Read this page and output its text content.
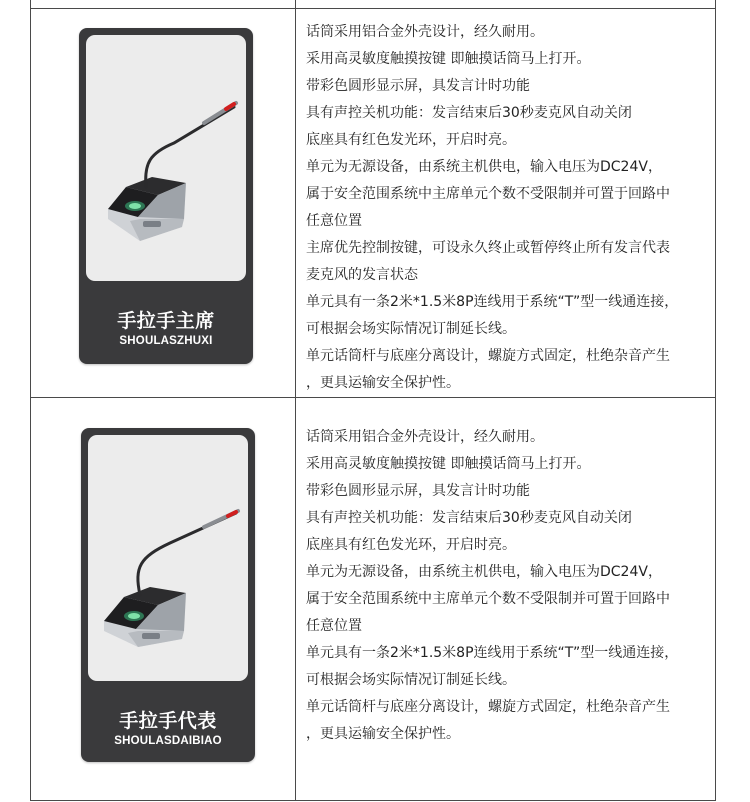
手拉手主席
SHOULASZHUXI
话筒采用铝合金外壳设计，经久耐用。
采用高灵敏度触摸按键 即触摸话筒马上打开。
带彩色圆形显示屏，具发言计时功能
具有声控关机功能：发言结束后30秒麦克风自动关闭
底座具有红色发光环，开启时亮。
单元为无源设备，由系统主机供电，输入电压为DC24V，
属于安全范围系统中主席单元个数不受限制并可置于回路中
任意位置
主席优先控制按键，可设永久终止或暂停终止所有发言代表
麦克风的发言状态
单元具有一条2米*1.5米8P连线用于系统“T”型一线通连接，
可根据会场实际情况订制延长线。
单元话筒杆与底座分离设计，螺旋方式固定，杜绝杂音产生
，更具运输安全保护性。
手拉手代表
SHOULASDAIBIAO
话筒采用铝合金外壳设计，经久耐用。
采用高灵敏度触摸按键 即触摸话筒马上打开。
带彩色圆形显示屏，具发言计时功能
具有声控关机功能：发言结束后30秒麦克风自动关闭
底座具有红色发光环，开启时亮。
单元为无源设备，由系统主机供电，输入电压为DC24V，
属于安全范围系统中主席单元个数不受限制并可置于回路中
任意位置
单元具有一条2米*1.5米8P连线用于系统“T”型一线通连接，
可根据会场实际情况订制延长线。
单元话筒杆与底座分离设计，螺旋方式固定，杜绝杂音产生
，更具运输安全保护性。
